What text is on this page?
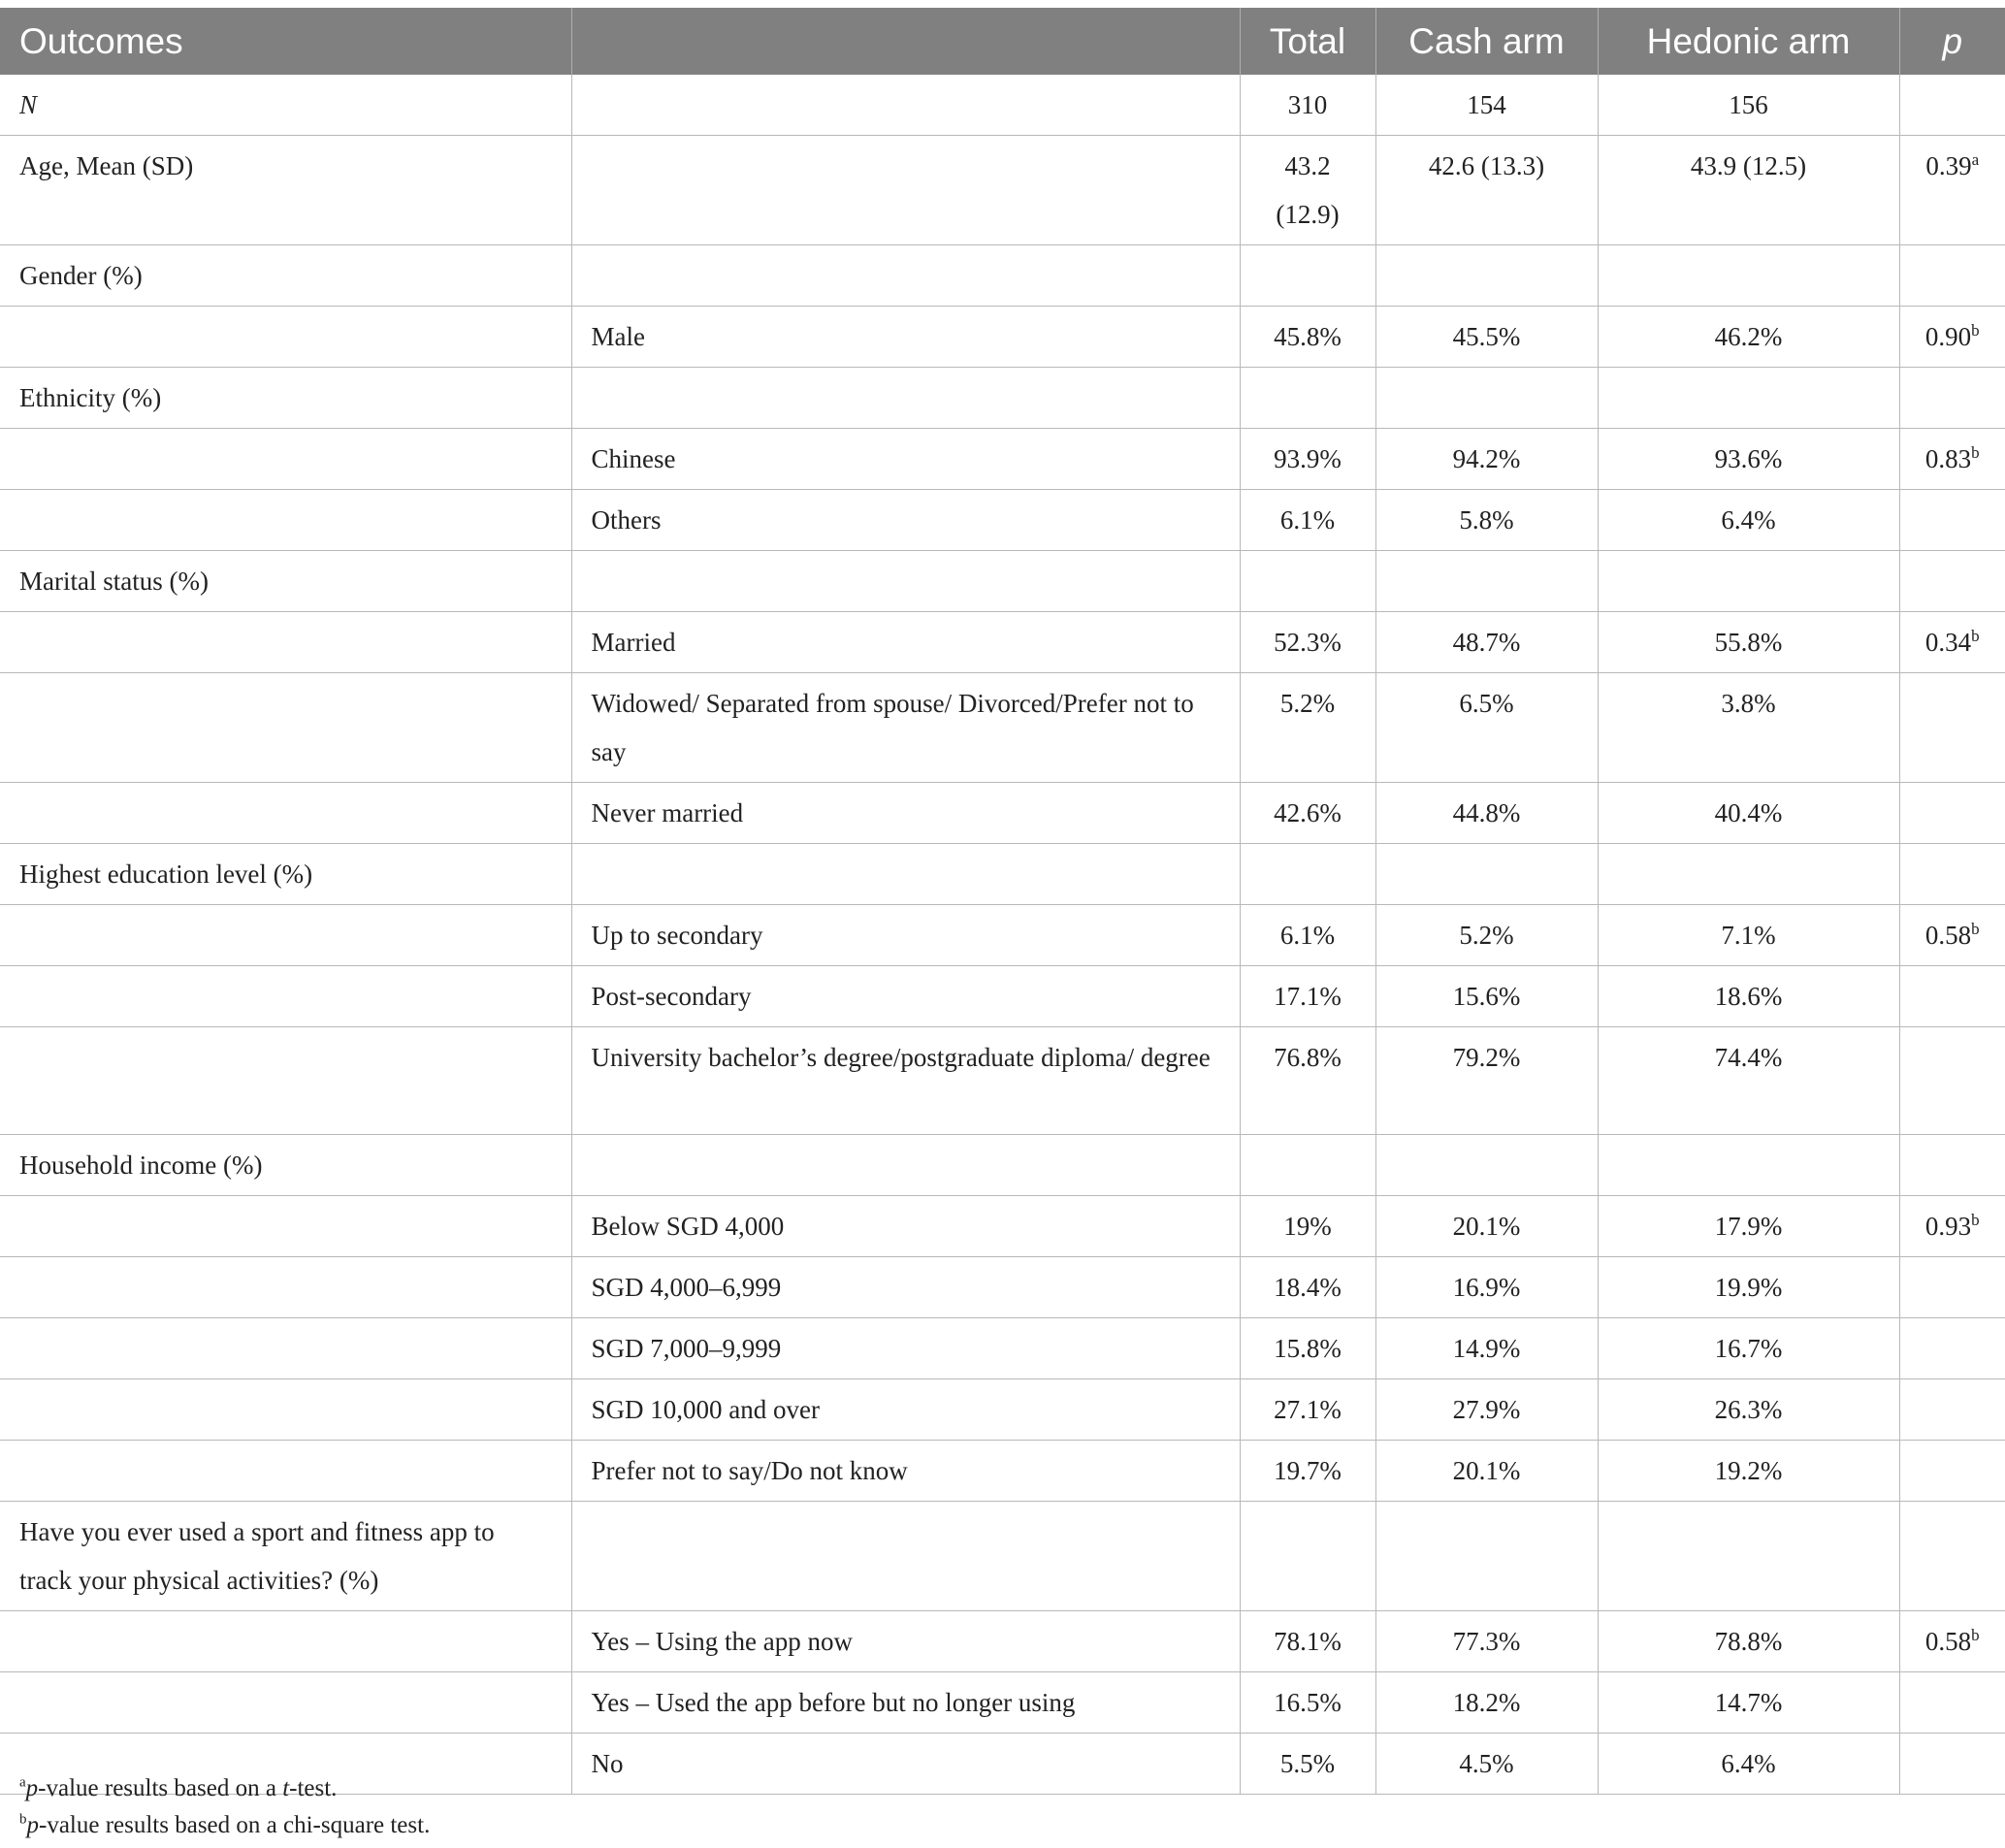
Outcomes		Total	Cash arm	Hedonic arm	p
N		310	154	156	
Age, Mean (SD)		43.2 (12.9)	42.6 (13.3)	43.9 (12.5)	0.39$^a$
Gender (%)					
	Male	45.8%	45.5%	46.2%	0.90$^b$
Ethnicity (%)					
	Chinese	93.9%	94.2%	93.6%	0.83$^b$
	Others	6.1%	5.8%	6.4%	
Marital status (%)					
	Married	52.3%	48.7%	55.8%	0.34$^b$
	Widowed/ Separated from spouse/ Divorced/Prefer not to say	5.2%	6.5%	3.8%	
	Never married	42.6%	44.8%	40.4%	
Highest education level (%)					
	Up to secondary	6.1%	5.2%	7.1%	0.58$^b$
	Post-secondary	17.1%	15.6%	18.6%	
	University bachelor’s degree/postgraduate diploma/ degree	76.8%	79.2%	74.4%	
Household income (%)					
	Below SGD 4,000	19%	20.1%	17.9%	0.93$^b$
	SGD 4,000–6,999	18.4%	16.9%	19.9%	
	SGD 7,000–9,999	15.8%	14.9%	16.7%	
	SGD 10,000 and over	27.1%	27.9%	26.3%	
	Prefer not to say/Do not know	19.7%	20.1%	19.2%	
Have you ever used a sport and fitness app to track your physical activities? (%)					
	Yes – Using the app now	78.1%	77.3%	78.8%	0.58$^b$
	Yes – Used the app before but no longer using	16.5%	18.2%	14.7%	
	No	5.5%	4.5%	6.4%	
$^a$p-value results based on a t-test.
$^b$p-value results based on a chi-square test.
